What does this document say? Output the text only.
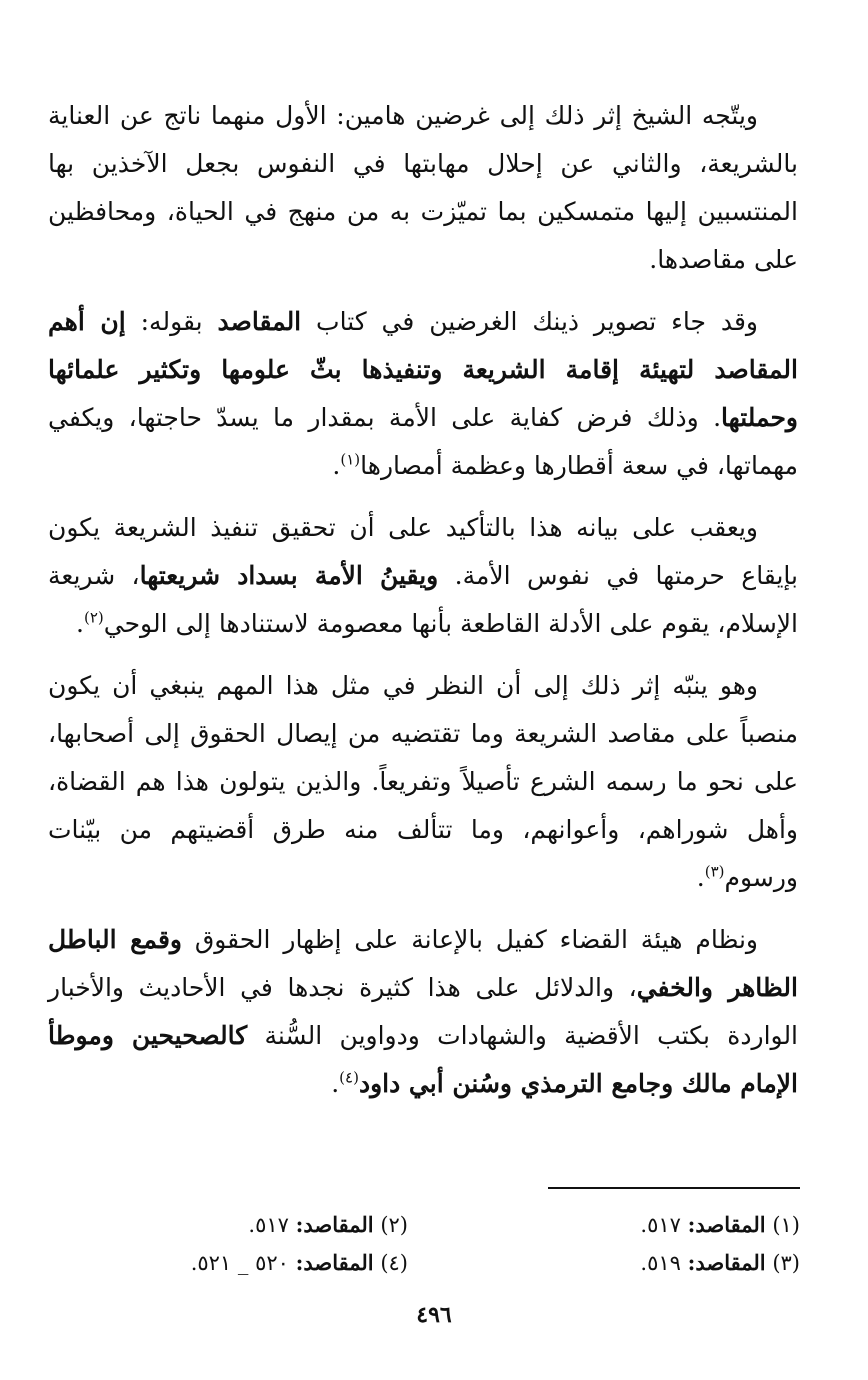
ويتّجه الشيخ إثر ذلك إلى غرضين هامين: الأول منهما ناتج عن العناية بالشريعة، والثاني عن إحلال مهابتها في النفوس بجعل الآخذين بها المنتسبين إليها متمسكين بما تميّزت به من منهج في الحياة، ومحافظين على مقاصدها.

وقد جاء تصوير ذينك الغرضين في كتاب المقاصد بقوله: إن أهم المقاصد لتهيئة إقامة الشريعة وتنفيذها بثّ علومها وتكثير علمائها وحملتها. وذلك فرض كفاية على الأمة بمقدار ما يسدّ حاجتها، ويكفي مهماتها، في سعة أقطارها وعظمة أمصارها$^{(١)}$.

ويعقب على بيانه هذا بالتأكيد على أن تحقيق تنفيذ الشريعة يكون بإيقاع حرمتها في نفوس الأمة. ويقينُ الأمة بسداد شريعتها، شريعة الإسلام، يقوم على الأدلة القاطعة بأنها معصومة لاستنادها إلى الوحي$^{(٢)}$.

وهو ينبّه إثر ذلك إلى أن النظر في مثل هذا المهم ينبغي أن يكون منصباً على مقاصد الشريعة وما تقتضيه من إيصال الحقوق إلى أصحابها، على نحو ما رسمه الشرع تأصيلاً وتفريعاً. والذين يتولون هذا هم القضاة، وأهل شوراهم، وأعوانهم، وما تتألف منه طرق أقضيتهم من بيّنات ورسوم$^{(٣)}$.

ونظام هيئة القضاء كفيل بالإعانة على إظهار الحقوق وقمع الباطل الظاهر والخفي، والدلائل على هذا كثيرة نجدها في الأحاديث والأخبار الواردة بكتب الأقضية والشهادات ودواوين السُّنة كالصحيحين وموطأ الإمام مالك وجامع الترمذي وسُنن أبي داود$^{(٤)}$.

(١) المقاصد: ٥١٧.
(٢) المقاصد: ٥١٧.
(٣) المقاصد: ٥١٩.
(٤) المقاصد: ٥٢٠ _ ٥٢١.
٤٩٦
